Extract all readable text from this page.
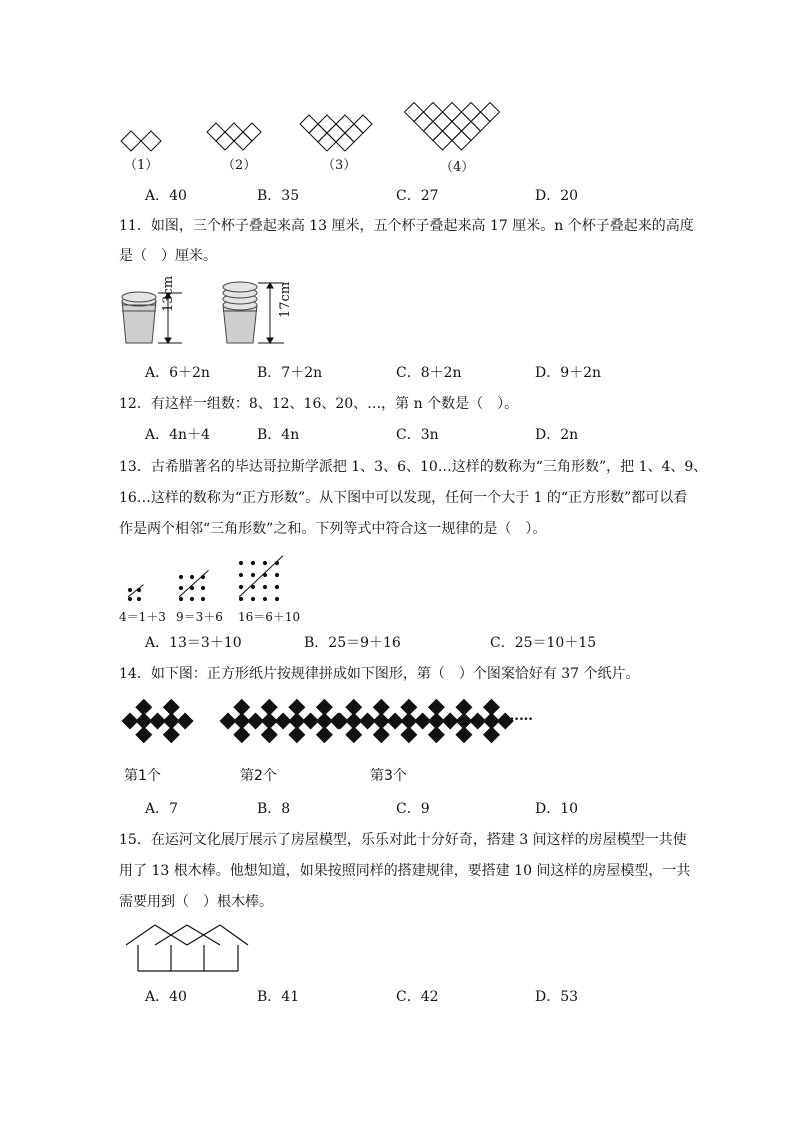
（1）	（2）	（3）	（4）
A．40	B．35	C．27	D．20
11．如图，三个杯子叠起来高 13 厘米，五个杯子叠起来高 17 厘米。n 个杯子叠起来的高度
是（　）厘米。
13cm	17cm
A．6＋2n	B．7＋2n	C．8＋2n	D．9＋2n
12．有这样一组数：8、12、16、20、…，第 n 个数是（　）。
A．4n＋4	B．4n	C．3n	D．2n
13．古希腊著名的毕达哥拉斯学派把 1、3、6、10…这样的数称为“三角形数”，把 1、4、9、
16…这样的数称为“正方形数”。从下图中可以发现，任何一个大于 1 的“正方形数”都可以看
作是两个相邻“三角形数”之和。下列等式中符合这一规律的是（　）。
4＝1＋3 9＝3＋6 16＝6＋10
A．13＝3＋10	B．25＝9＋16	C．25＝10＋15
14．如下图：正方形纸片按规律拼成如下图形，第（　）个图案恰好有 37 个纸片。
……
第1个	第2个	第3个
A．7	B．8	C．9	D．10
15．在运河文化展厅展示了房屋模型，乐乐对此十分好奇，搭建 3 间这样的房屋模型一共使
用了 13 根木棒。他想知道，如果按照同样的搭建规律，要搭建 10 间这样的房屋模型，一共
需要用到（　）根木棒。
A．40	B．41	C．42	D．53
